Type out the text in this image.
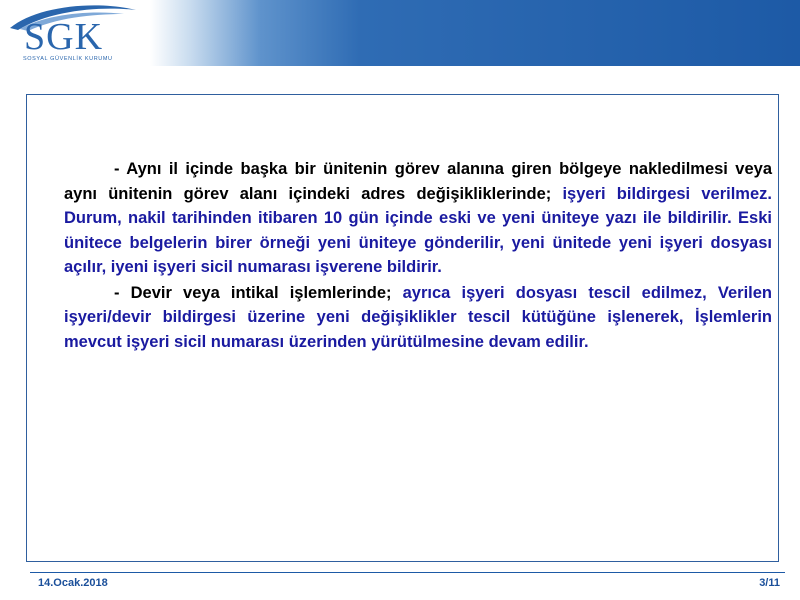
SGK
SOSYAL GÜVENLİK KURUMU

- Aynı il içinde başka bir ünitenin görev alanına giren bölgeye nakledilmesi veya aynı ünitenin görev alanı içindeki adres değişikliklerinde; işyeri bildirgesi verilmez. Durum, nakil tarihinden itibaren 10 gün içinde eski ve yeni üniteye yazı ile bildirilir. Eski ünitece belgelerin birer örneği yeni üniteye gönderilir, yeni ünitede yeni işyeri dosyası açılır, iyeni işyeri sicil numarası işverene bildirir.

- Devir veya intikal işlemlerinde; ayrıca işyeri dosyası tescil edilmez, Verilen işyeri/devir bildirgesi üzerine yeni değişiklikler tescil kütüğüne işlenerek, İşlemlerin mevcut işyeri sicil numarası üzerinden yürütülmesine devam edilir.

14.Ocak.2018	3/11
